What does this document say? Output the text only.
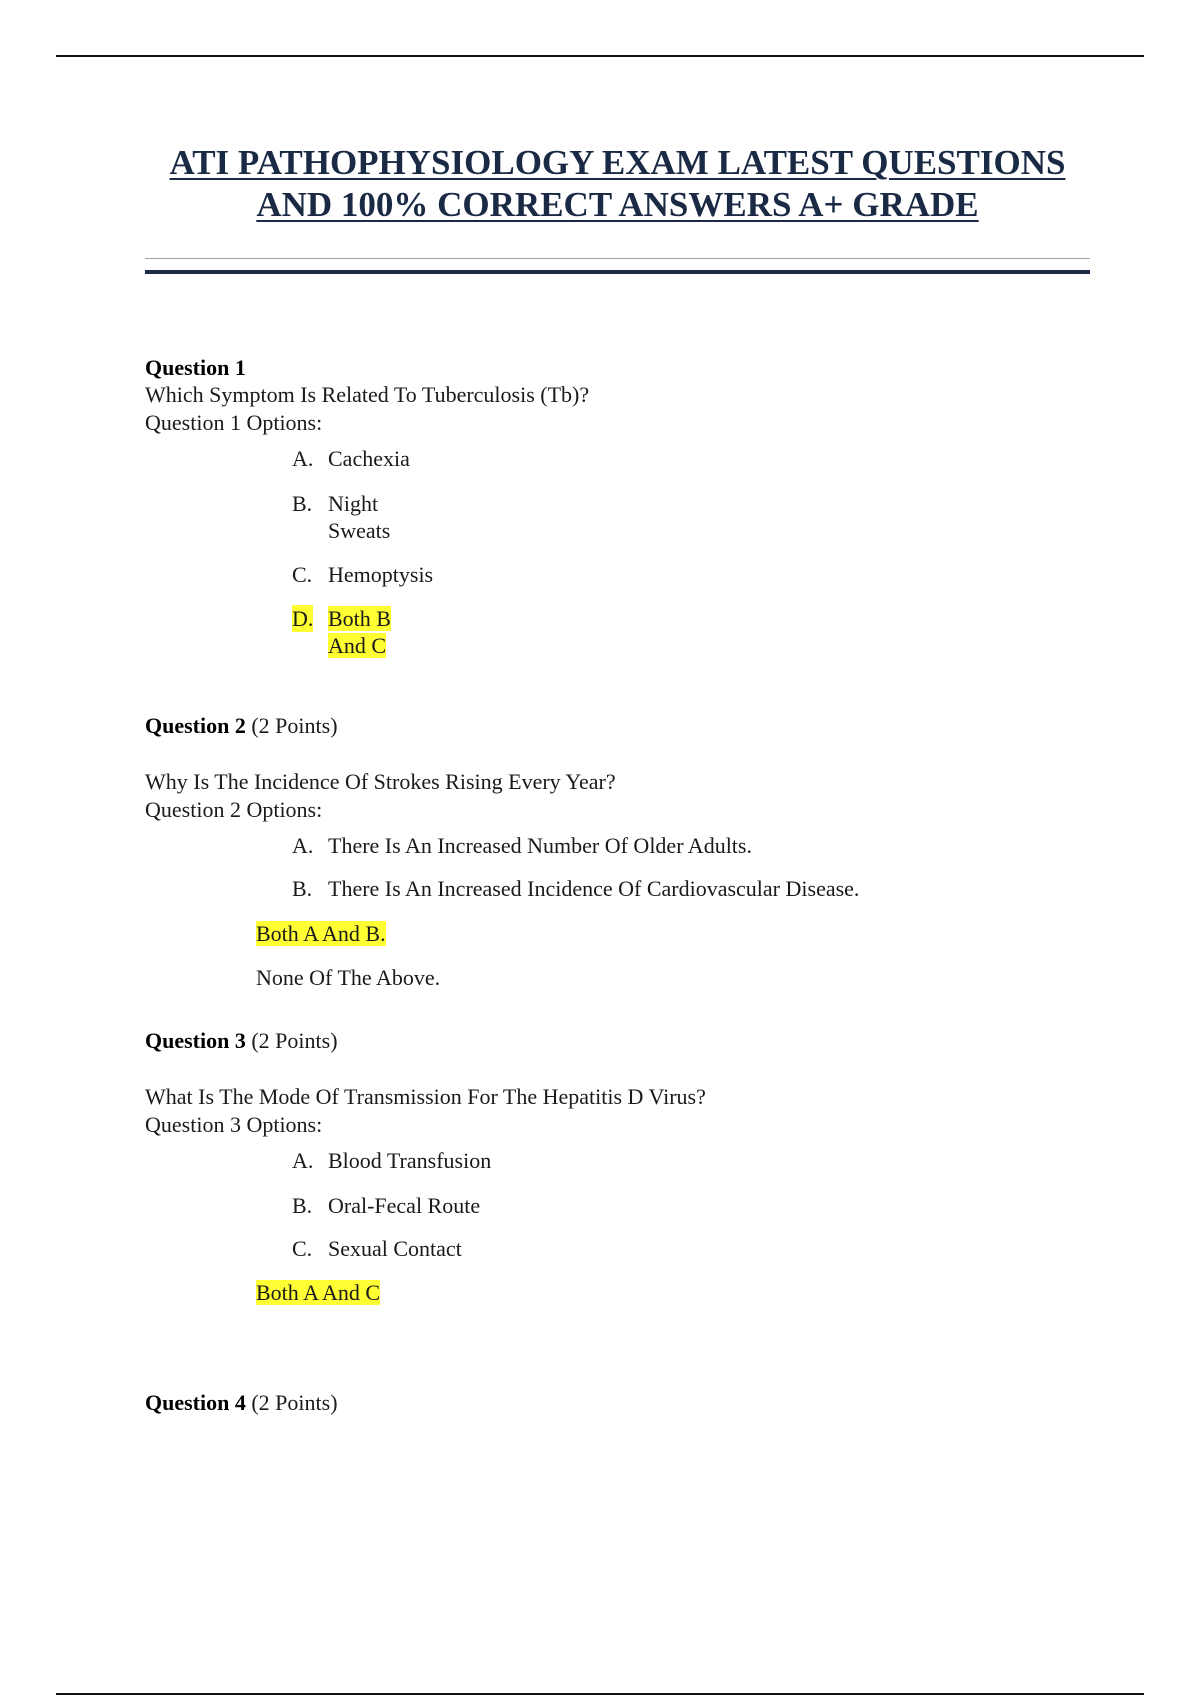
ATI PATHOPHYSIOLOGY EXAM LATEST QUESTIONS
AND 100% CORRECT ANSWERS A+ GRADE
Question 1
Which Symptom Is Related To Tuberculosis (Tb)?
Question 1 Options:
A. Cachexia
B. Night
Sweats
C. Hemoptysis
D. Both B
And C
Question 2 (2 Points)
Why Is The Incidence Of Strokes Rising Every Year?
Question 2 Options:
A. There Is An Increased Number Of Older Adults.
B. There Is An Increased Incidence Of Cardiovascular Disease.
Both A And B.
None Of The Above.
Question 3 (2 Points)
What Is The Mode Of Transmission For The Hepatitis D Virus?
Question 3 Options:
A. Blood Transfusion
B. Oral-Fecal Route
C. Sexual Contact
Both A And C
Question 4 (2 Points)
